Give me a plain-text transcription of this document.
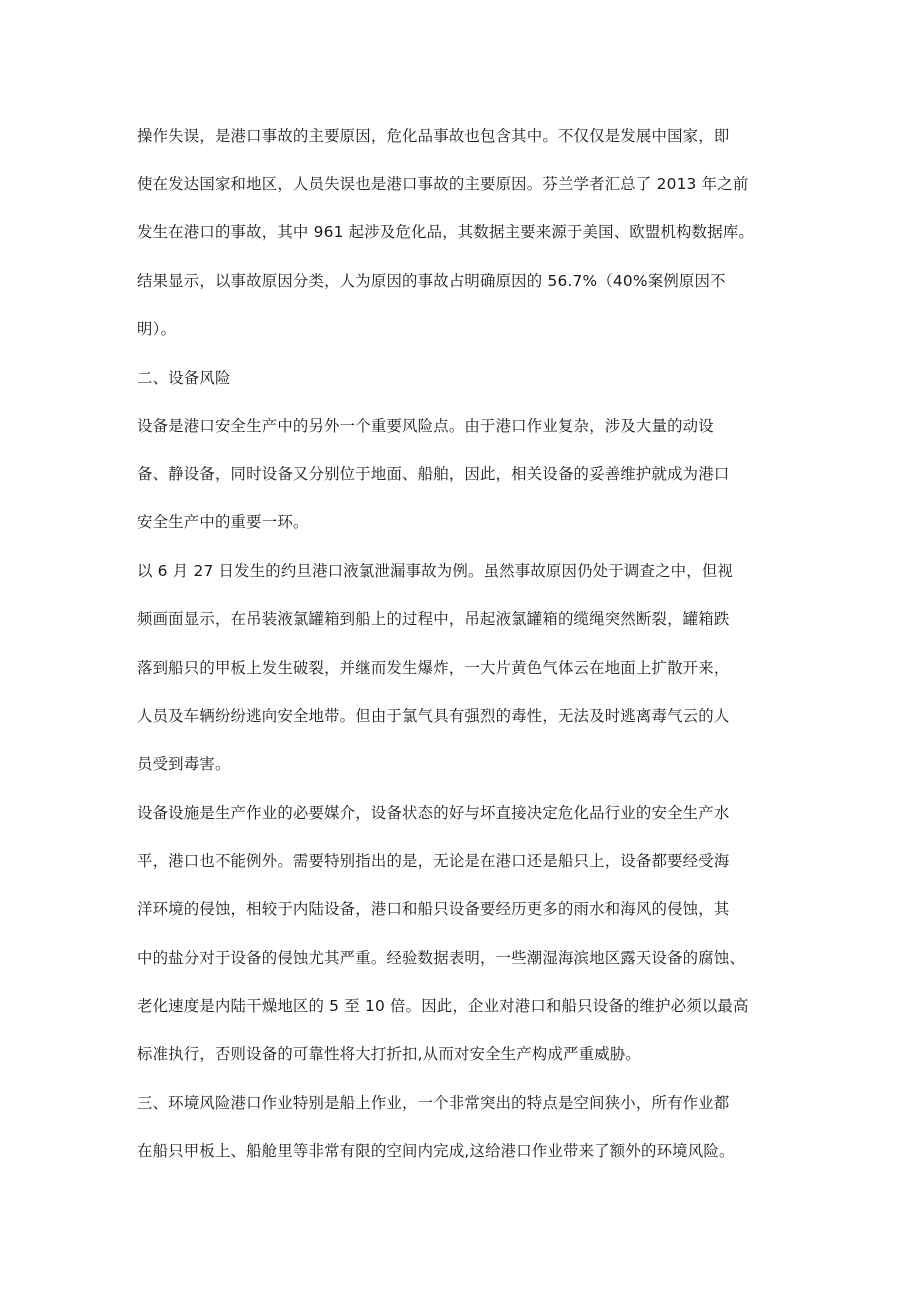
操作失误，是港口事故的主要原因，危化品事故也包含其中。不仅仅是发展中国家，即

使在发达国家和地区，人员失误也是港口事故的主要原因。芬兰学者汇总了 2013 年之前

发生在港口的事故，其中 961 起涉及危化品，其数据主要来源于美国、欧盟机构数据库。

结果显示，以事故原因分类，人为原因的事故占明确原因的 56.7%（40%案例原因不

明）。

二、设备风险

设备是港口安全生产中的另外一个重要风险点。由于港口作业复杂，涉及大量的动设

备、静设备，同时设备又分别位于地面、船舶，因此，相关设备的妥善维护就成为港口

安全生产中的重要一环。

以 6 月 27 日发生的约旦港口液氯泄漏事故为例。虽然事故原因仍处于调查之中，但视

频画面显示，在吊装液氯罐箱到船上的过程中，吊起液氯罐箱的缆绳突然断裂，罐箱跌

落到船只的甲板上发生破裂，并继而发生爆炸，一大片黄色气体云在地面上扩散开来，

人员及车辆纷纷逃向安全地带。但由于氯气具有强烈的毒性，无法及时逃离毒气云的人

员受到毒害。

设备设施是生产作业的必要媒介，设备状态的好与坏直接决定危化品行业的安全生产水

平，港口也不能例外。需要特别指出的是，无论是在港口还是船只上，设备都要经受海

洋环境的侵蚀，相较于内陆设备，港口和船只设备要经历更多的雨水和海风的侵蚀，其

中的盐分对于设备的侵蚀尤其严重。经验数据表明，一些潮湿海滨地区露天设备的腐蚀、

老化速度是内陆干燥地区的 5 至 10 倍。因此，企业对港口和船只设备的维护必须以最高

标准执行，否则设备的可靠性将大打折扣,从而对安全生产构成严重威胁。

三、环境风险港口作业特别是船上作业，一个非常突出的特点是空间狭小，所有作业都

在船只甲板上、船舱里等非常有限的空间内完成,这给港口作业带来了额外的环境风险。
